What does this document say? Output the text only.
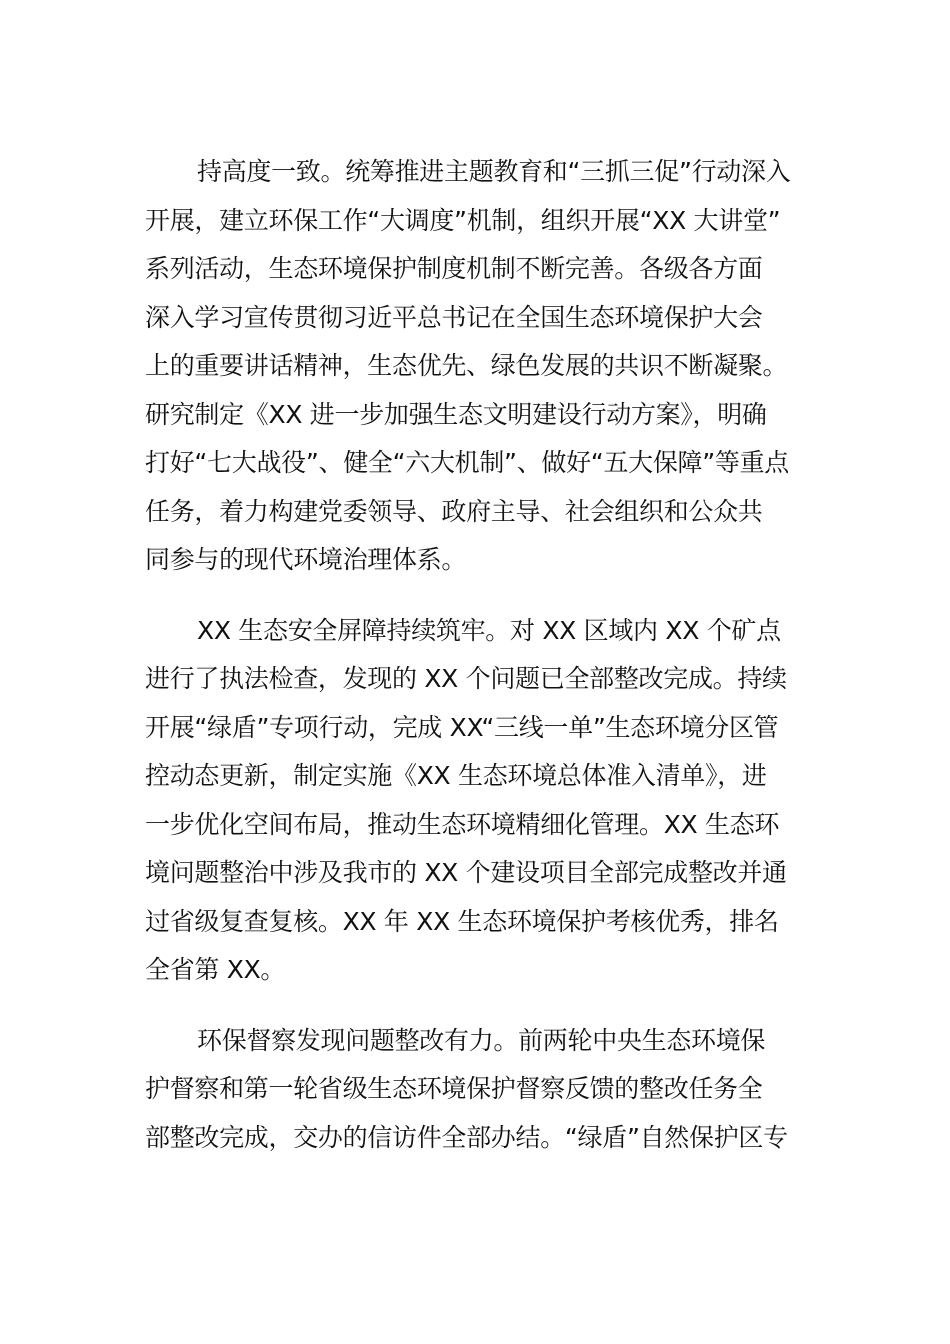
持高度一致。统筹推进主题教育和“三抓三促”行动深入
开展，建立环保工作“大调度”机制，组织开展“XX 大讲堂”
系列活动，生态环境保护制度机制不断完善。各级各方面
深入学习宣传贯彻习近平总书记在全国生态环境保护大会
上的重要讲话精神，生态优先、绿色发展的共识不断凝聚。
研究制定《XX 进一步加强生态文明建设行动方案》，明确
打好“七大战役”、健全“六大机制”、做好“五大保障”等重点
任务，着力构建党委领导、政府主导、社会组织和公众共
同参与的现代环境治理体系。
XX 生态安全屏障持续筑牢。对 XX 区域内 XX 个矿点
进行了执法检查，发现的 XX 个问题已全部整改完成。持续
开展“绿盾”专项行动，完成 XX“三线一单”生态环境分区管
控动态更新，制定实施《XX 生态环境总体准入清单》，进
一步优化空间布局，推动生态环境精细化管理。XX 生态环
境问题整治中涉及我市的 XX 个建设项目全部完成整改并通
过省级复查复核。XX 年 XX 生态环境保护考核优秀，排名
全省第 XX。
环保督察发现问题整改有力。前两轮中央生态环境保
护督察和第一轮省级生态环境保护督察反馈的整改任务全
部整改完成，交办的信访件全部办结。“绿盾”自然保护区专
